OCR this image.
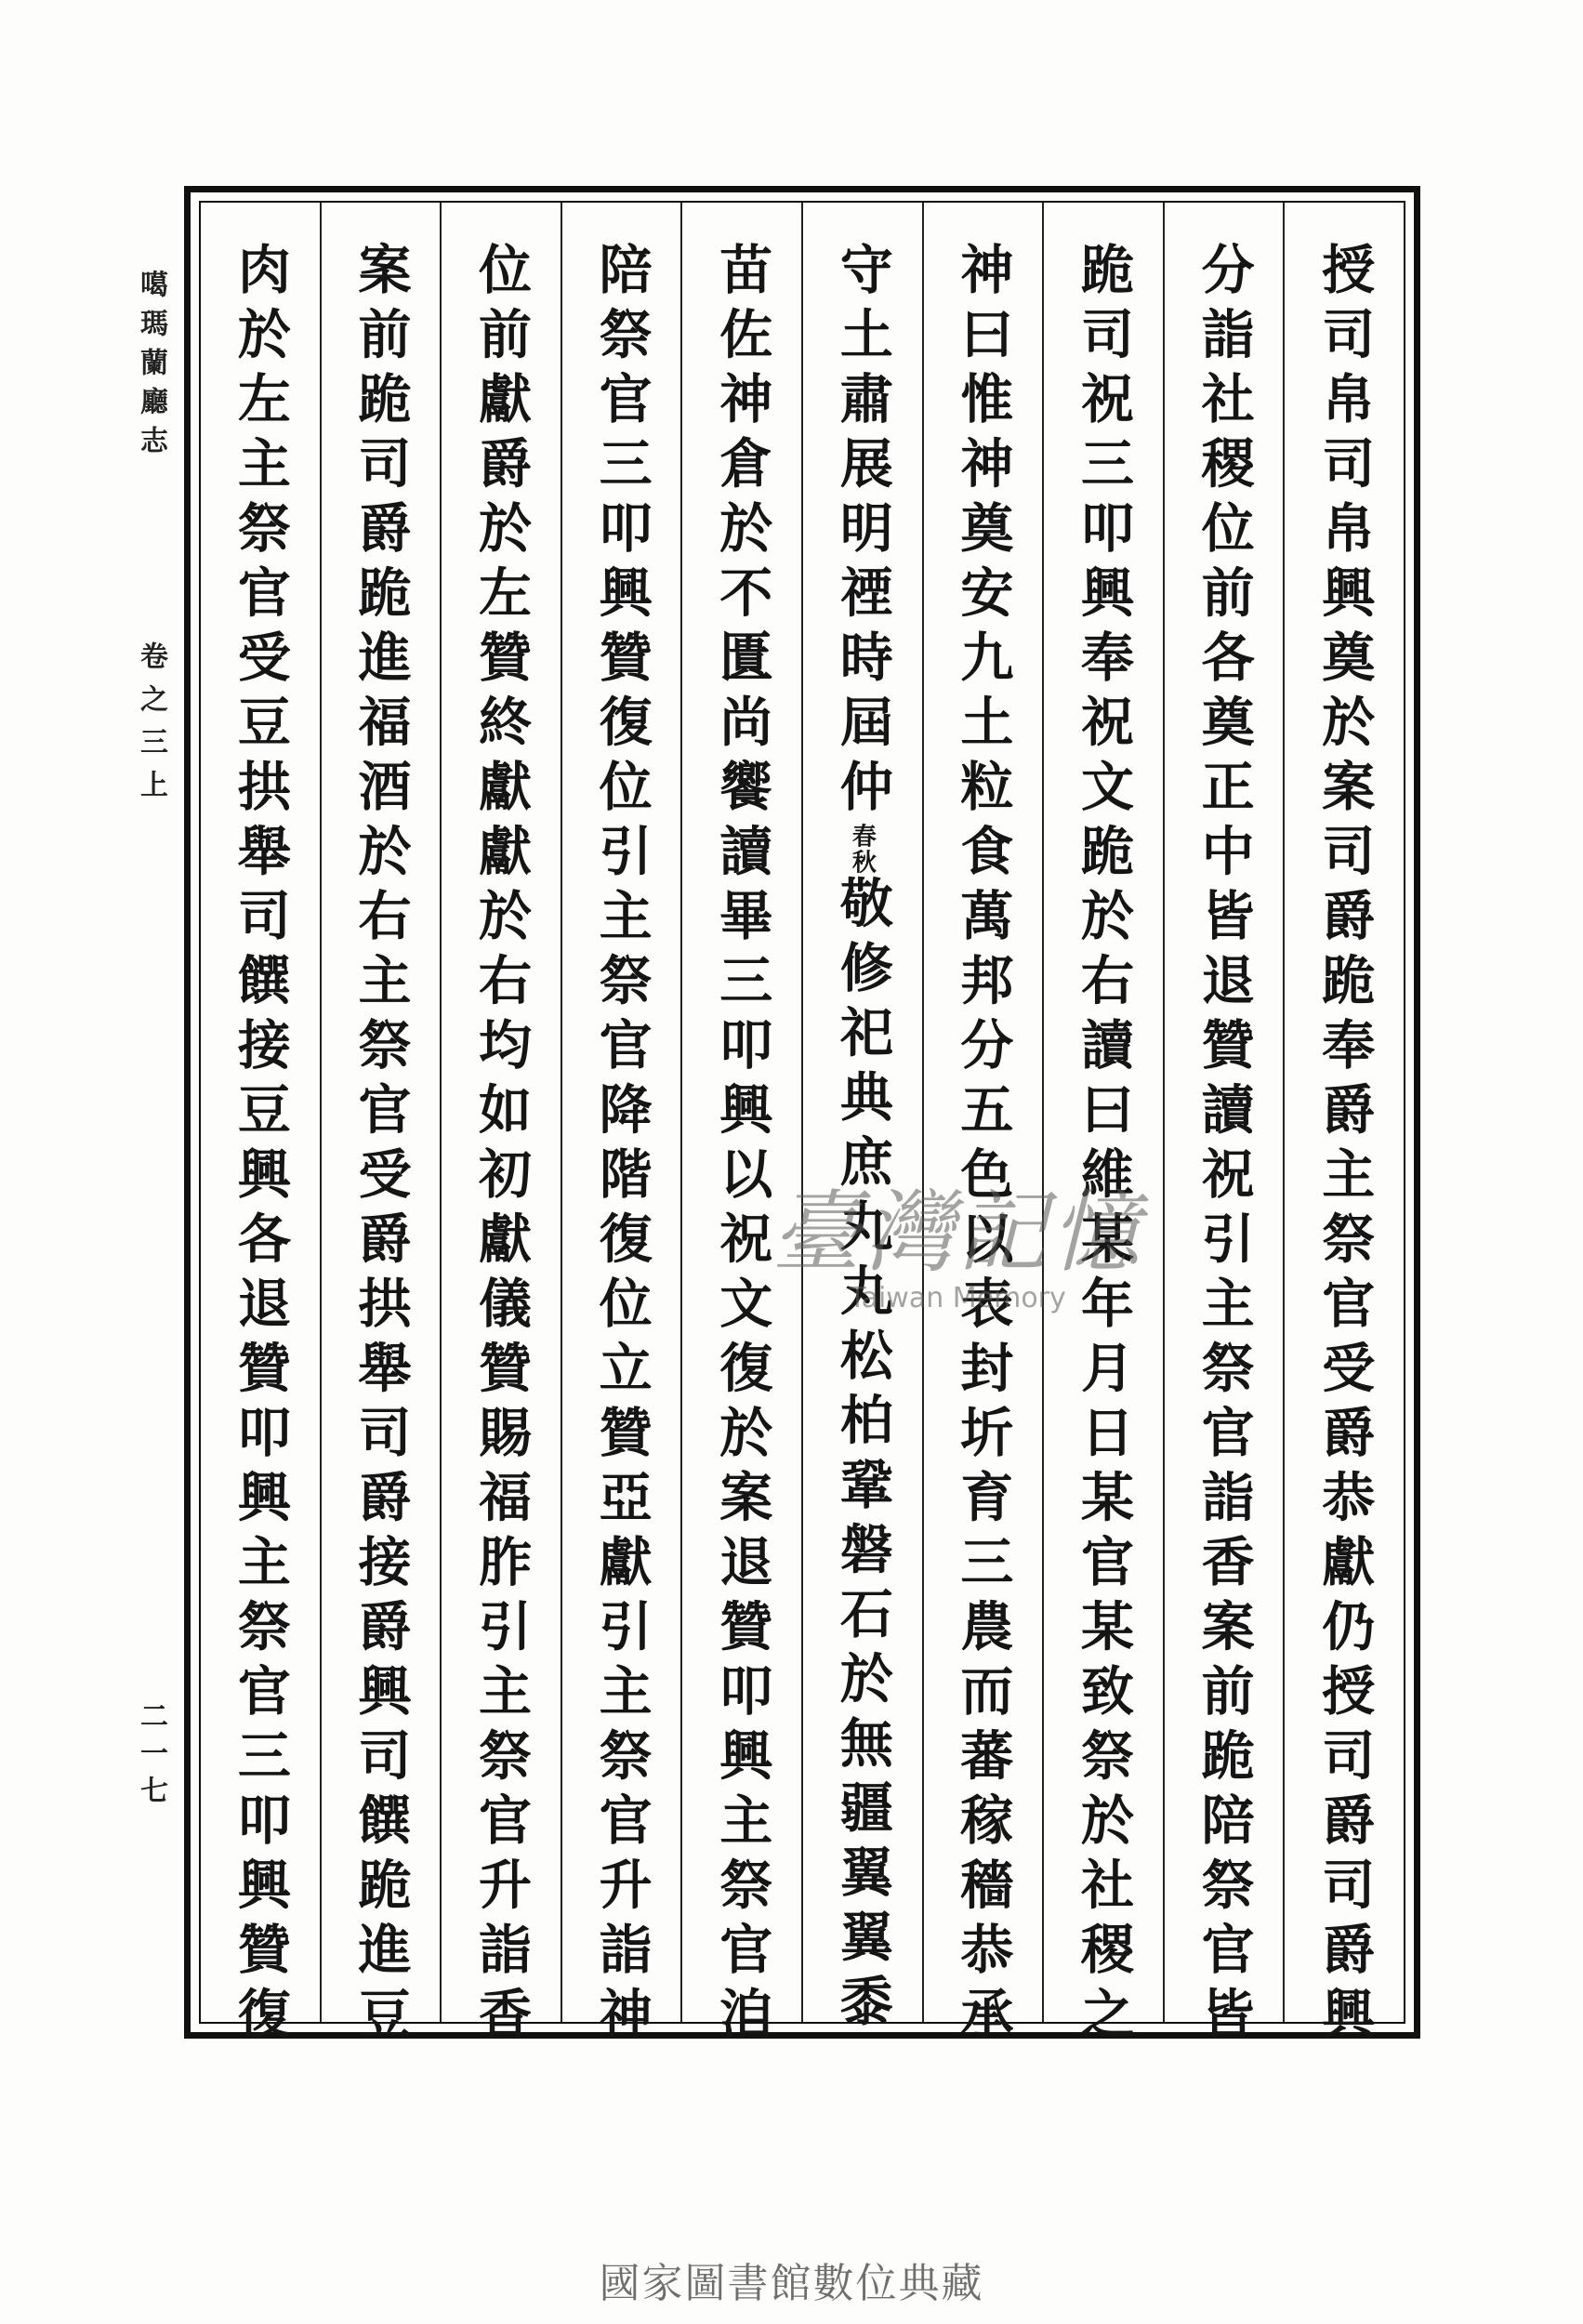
授司帛司帛興奠於案司爵跪奉爵主祭官受爵恭獻仍授司爵司爵興
分詣社稷位前各奠正中皆退贊讀祝引主祭官詣香案前跪陪祭官皆
跪司祝三叩興奉祝文跪於右讀曰維某年月日某官某致祭於社稷之
神曰惟神奠安九土粒食萬邦分五色以表封圻育三農而蕃稼穡恭承
守土肅展明禋時屆仲春秋敬修祀典庶丸丸松柏鞏磐石於無疆翼翼黍
苗佐神倉於不匱尚饗讀畢三叩興以祝文復於案退贊叩興主祭官洎
陪祭官三叩興贊復位引主祭官降階復位立贊亞獻引主祭官升詣神
位前獻爵於左贊終獻獻於右均如初獻儀贊賜福胙引主祭官升詣香
案前跪司爵跪進福酒於右主祭官受爵拱舉司爵接爵興司饌跪進豆
肉於左主祭官受豆拱舉司饌接豆興各退贊叩興主祭官三叩興贊復
噶瑪蘭廳志
卷之三上
二一七
臺灣記憶
Taiwan Memory
國家圖書館數位典藏
